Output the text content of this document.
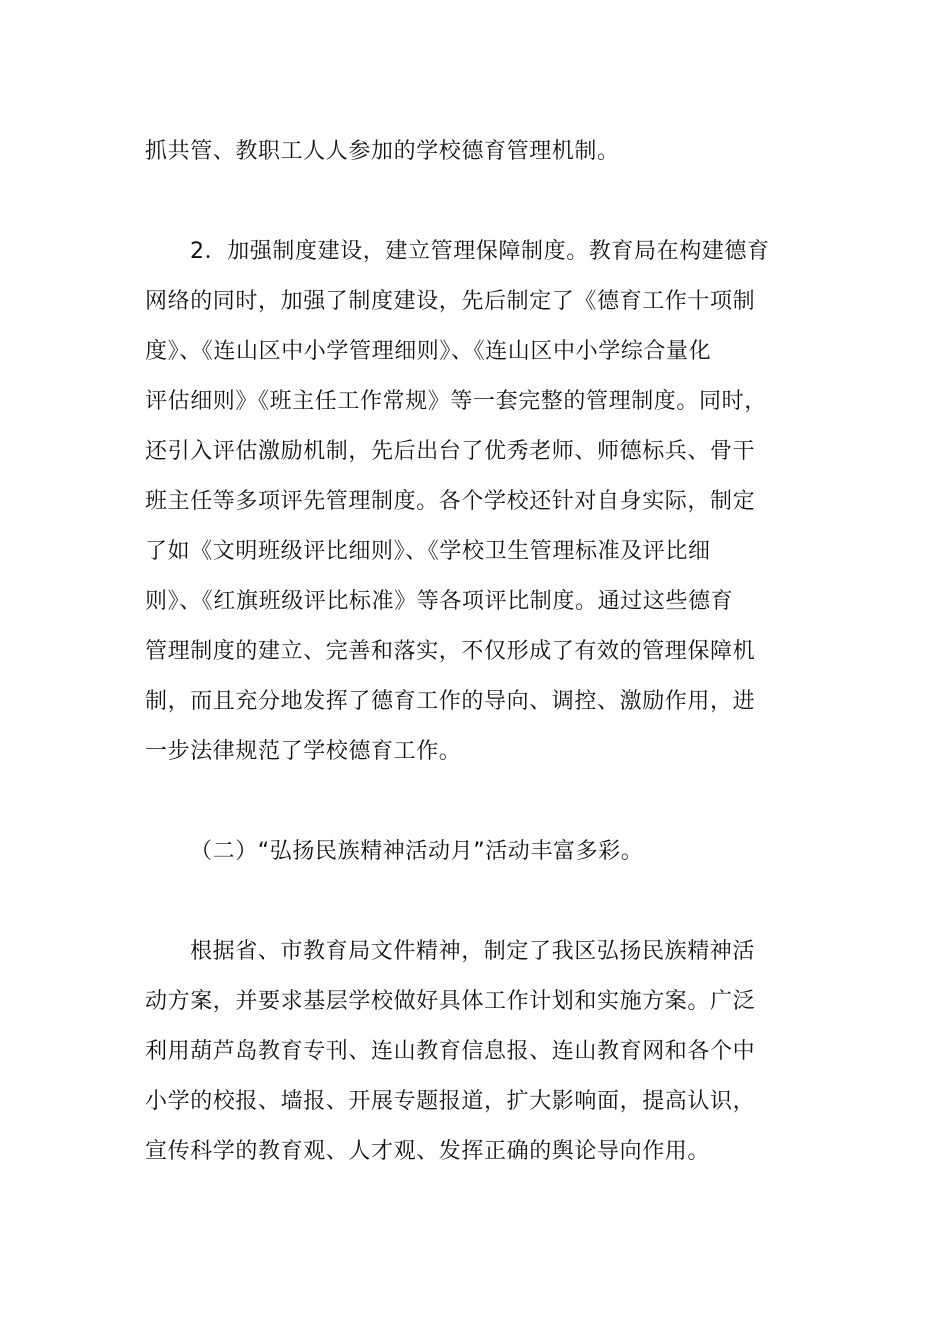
抓共管、教职工人人参加的学校德育管理机制。
2．加强制度建设，建立管理保障制度。教育局在构建德育
网络的同时，加强了制度建设，先后制定了《德育工作十项制
度》、《连山区中小学管理细则》、《连山区中小学综合量化
评估细则》《班主任工作常规》等一套完整的管理制度。同时，
还引入评估激励机制，先后出台了优秀老师、师德标兵、骨干
班主任等多项评先管理制度。各个学校还针对自身实际，制定
了如《文明班级评比细则》、《学校卫生管理标准及评比细
则》、《红旗班级评比标准》等各项评比制度。通过这些德育
管理制度的建立、完善和落实，不仅形成了有效的管理保障机
制，而且充分地发挥了德育工作的导向、调控、激励作用，进
一步法律规范了学校德育工作。
（二）“弘扬民族精神活动月”活动丰富多彩。
根据省、市教育局文件精神，制定了我区弘扬民族精神活
动方案，并要求基层学校做好具体工作计划和实施方案。广泛
利用葫芦岛教育专刊、连山教育信息报、连山教育网和各个中
小学的校报、墙报、开展专题报道，扩大影响面，提高认识，
宣传科学的教育观、人才观、发挥正确的舆论导向作用。
